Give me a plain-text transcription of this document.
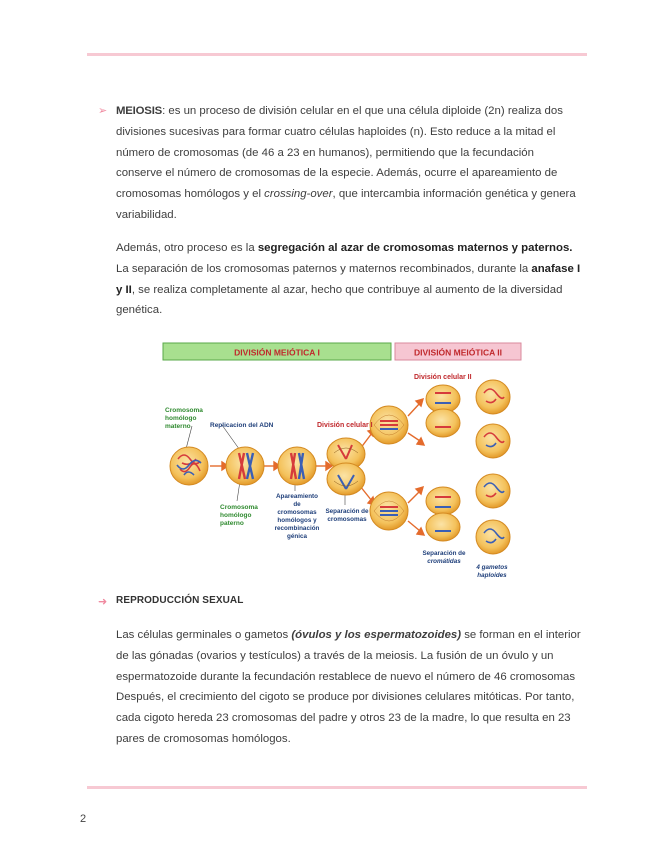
➢ MEIOSIS: es un proceso de división celular en el que una célula diploide (2n) realiza dos divisiones sucesivas para formar cuatro células haploides (n). Esto reduce a la mitad el número de cromosomas (de 46 a 23 en humanos), permitiendo que la fecundación conserve el número de cromosomas de la especie. Además, ocurre el apareamiento de cromosomas homólogos y el crossing-over, que intercambia información genética y genera variabilidad.

Además, otro proceso es la segregación al azar de cromosomas maternos y paternos. La separación de los cromosomas paternos y maternos recombinados, durante la anafase I y II, se realiza completamente al azar, hecho que contribuye al aumento de la diversidad genética.

DIVISIÓN MEIÓTICA I	DIVISIÓN MEIÓTICA II
Cromosoma
homólogo
materno	Replicacion del ADN
Cromosoma
homólogo
paterno
Apareamiento
de
cromosomas
homólogos y
recombinación
génica
División celular I
Separación de
cromosomas
División celular II
Separación de
cromátidas
4 gametos
haploides
➜ REPRODUCCIÓN SEXUAL

Las células germinales o gametos (óvulos y los espermatozoides) se forman en el interior de las gónadas (ovarios y testículos) a través de la meiosis. La fusión de un óvulo y un espermatozoide durante la fecundación restablece de nuevo el número de 46 cromosomas Después, el crecimiento del cigoto se produce por divisiones celulares mitóticas. Por tanto, cada cigoto hereda 23 cromosomas del padre y otros 23 de la madre, lo que resulta en 23 pares de cromosomas homólogos.

2
